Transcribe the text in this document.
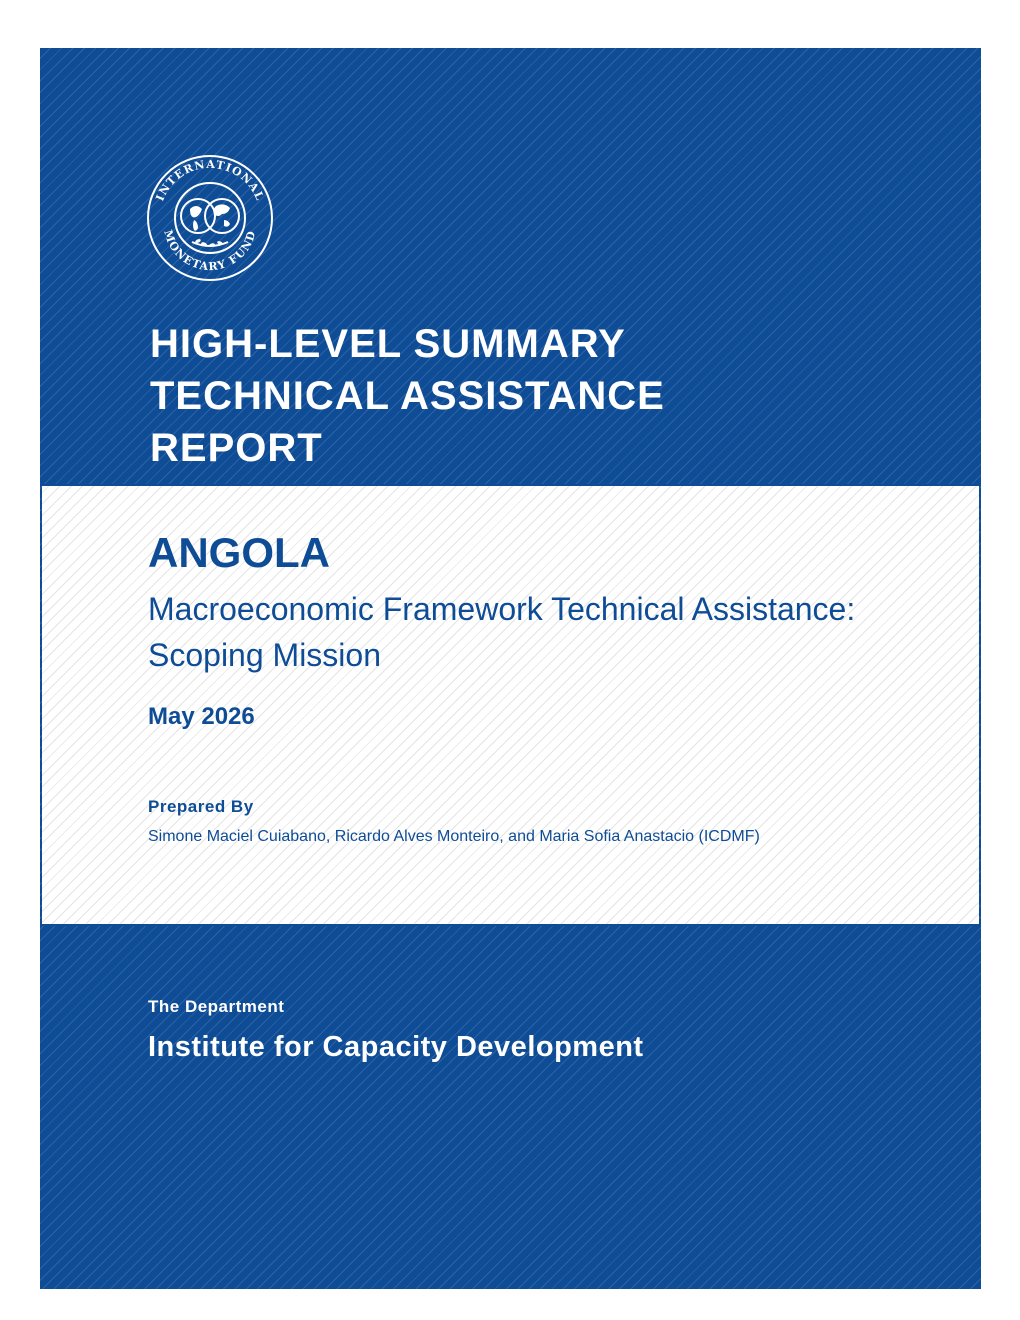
INTERNATIONAL
MONETARY FUND
HIGH-LEVEL SUMMARY
TECHNICAL ASSISTANCE
REPORT
ANGOLA

Macroeconomic Framework Technical Assistance:
Scoping Mission

May 2026

Prepared By

Simone Maciel Cuiabano, Ricardo Alves Monteiro, and Maria Sofia Anastacio (ICDMF)

The Department

Institute for Capacity Development
